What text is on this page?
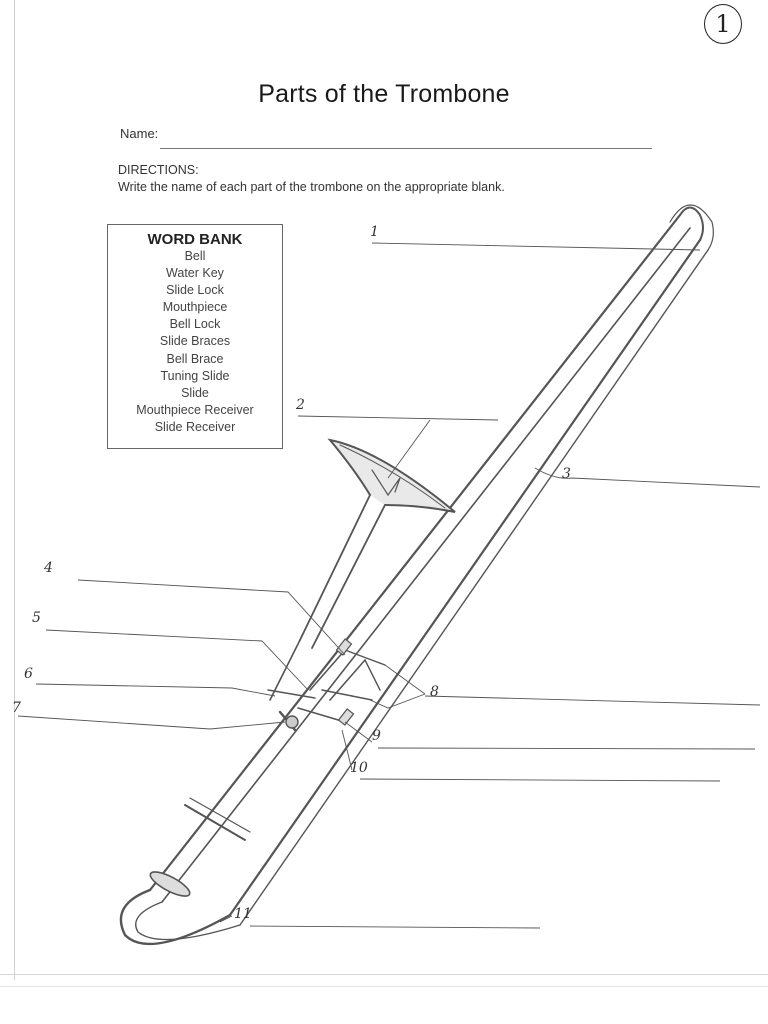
1
Parts of the Trombone
Name:
DIRECTIONS:
Write the name of each part of the trombone on the appropriate blank.
WORD BANK
Bell
Water Key
Slide Lock
Mouthpiece
Bell Lock
Slide Braces
Bell Brace
Tuning Slide
Slide
Mouthpiece Receiver
Slide Receiver
1
2
3
4
5
6
7
8
9
10
11
